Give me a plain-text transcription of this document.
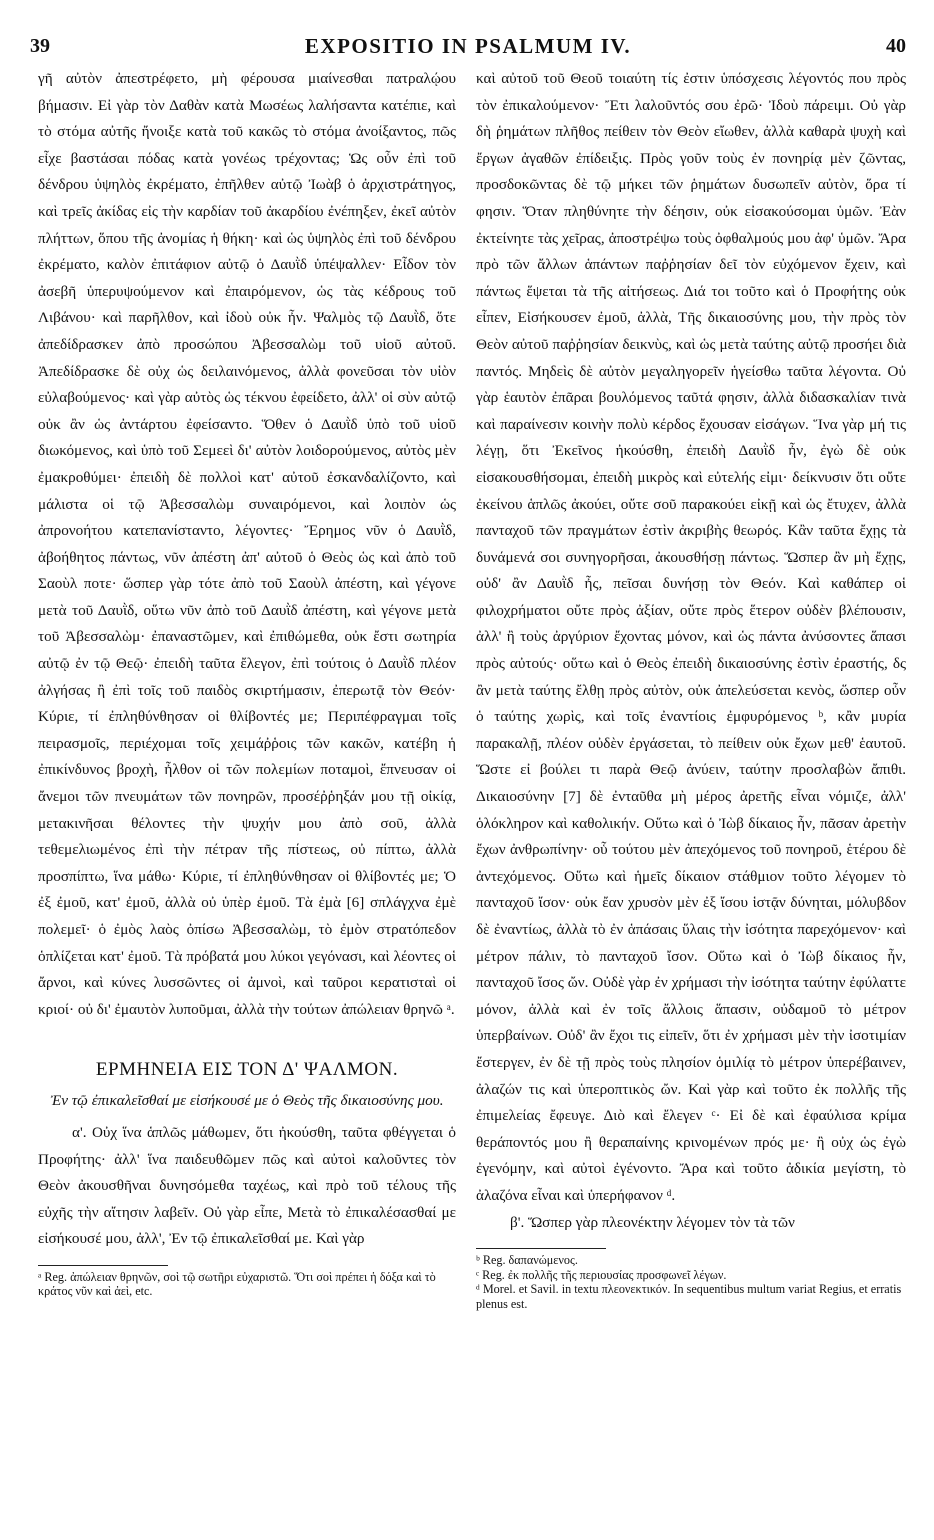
39	EXPOSITIO IN PSALMUM IV.	40

γῆ αὐτὸν ἀπεστρέφετο, μὴ φέρουσα μιαίνεσθαι πατραλῴου βήμασιν. Εἰ γὰρ τὸν Δαθὰν κατὰ Μωσέως λαλήσαντα κατέπιε, καὶ τὸ στόμα αὐτῆς ἤνοιξε κατὰ τοῦ κακῶς τὸ στόμα ἀνοίξαντος, πῶς εἶχε βαστάσαι πόδας κατὰ γονέως τρέχοντας; Ὡς οὖν ἐπὶ τοῦ δένδρου ὑψηλὸς ἐκρέματο, ἐπῆλθεν αὐτῷ Ἰωὰβ ὁ ἀρχιστράτηγος, καὶ τρεῖς ἀκίδας εἰς τὴν καρδίαν τοῦ ἀκαρδίου ἐνέπηξεν, ἐκεῖ αὐτὸν πλήττων, ὅπου τῆς ἀνομίας ἡ θήκη· καὶ ὡς ὑψηλὸς ἐπὶ τοῦ δένδρου ἐκρέματο, καλὸν ἐπιτάφιον αὐτῷ ὁ Δαυῒδ ὑπέψαλλεν· Εἶδον τὸν ἀσεβῆ ὑπερυψούμενον καὶ ἐπαιρόμενον, ὡς τὰς κέδρους τοῦ Λιβάνου· καὶ παρῆλθον, καὶ ἰδοὺ οὐκ ἦν. Ψαλμὸς τῷ Δαυῒδ, ὅτε ἀπεδίδρασκεν ἀπὸ προσώπου Ἀβεσσαλὼμ τοῦ υἱοῦ αὐτοῦ. Ἀπεδίδρασκε δὲ οὐχ ὡς δειλαινόμενος, ἀλλὰ φονεῦσαι τὸν υἱὸν εὐλαβούμενος· καὶ γὰρ αὐτὸς ὡς τέκνου ἐφείδετο, ἀλλ' οἱ σὺν αὐτῷ οὐκ ἂν ὡς ἀντάρτου ἐφείσαντο. Ὅθεν ὁ Δαυῒδ ὑπὸ τοῦ υἱοῦ διωκόμενος, καὶ ὑπὸ τοῦ Σεμεεὶ δι' αὐτὸν λοιδορούμενος, αὐτὸς μὲν ἐμακροθύμει· ἐπειδὴ δὲ πολλοὶ κατ' αὐτοῦ ἐσκανδαλίζοντο, καὶ μάλιστα οἱ τῷ Ἀβεσσαλὼμ συναιρόμενοι, καὶ λοιπὸν ὡς ἀπρονοήτου κατεπανίσταντο, λέγοντες· Ἔρημος νῦν ὁ Δαυῒδ, ἀβοήθητος πάντως, νῦν ἀπέστη ἀπ' αὐτοῦ ὁ Θεὸς ὡς καὶ ἀπὸ τοῦ Σαοὺλ ποτε· ὥσπερ γὰρ τότε ἀπὸ τοῦ Σαοὺλ ἀπέστη, καὶ γέγονε μετὰ τοῦ Δαυῒδ, οὕτω νῦν ἀπὸ τοῦ Δαυῒδ ἀπέστη, καὶ γέγονε μετὰ τοῦ Ἀβεσσαλὼμ· ἐπαναστῶμεν, καὶ ἐπιθώμεθα, οὐκ ἔστι σωτηρία αὐτῷ ἐν τῷ Θεῷ· ἐπειδὴ ταῦτα ἔλεγον, ἐπὶ τούτοις ὁ Δαυῒδ πλέον ἀλγήσας ἢ ἐπὶ τοῖς τοῦ παιδὸς σκιρτήμασιν, ἐπερωτᾷ τὸν Θεόν· Κύριε, τί ἐπληθύνθησαν οἱ θλίβοντές με; Περιπέφραγμαι τοῖς πειρασμοῖς, περιέχομαι τοῖς χειμάῤῥοις τῶν κακῶν, κατέβη ἡ ἐπικίνδυνος βροχὴ, ἦλθον οἱ τῶν πολεμίων ποταμοὶ, ἔπνευσαν οἱ ἄνεμοι τῶν πνευμάτων τῶν πονηρῶν, προσέῤῥηξάν μου τῇ οἰκίᾳ, μετακινῆσαι θέλοντες τὴν ψυχήν μου ἀπὸ σοῦ, ἀλλὰ τεθεμελιωμένος ἐπὶ τὴν πέτραν τῆς πίστεως, οὐ πίπτω, ἀλλὰ προσπίπτω, ἵνα μάθω· Κύριε, τί ἐπληθύνθησαν οἱ θλίβοντές με; Ὁ ἐξ ἐμοῦ, κατ' ἐμοῦ, ἀλλὰ οὐ ὑπὲρ ἐμοῦ. Τὰ ἐμὰ [6] σπλάγχνα ἐμὲ πολεμεῖ· ὁ ἐμὸς λαὸς ὀπίσω Ἀβεσσαλὼμ, τὸ ἐμὸν στρατόπεδον ὁπλίζεται κατ' ἐμοῦ. Τὰ πρόβατά μου λύκοι γεγόνασι, καὶ λέοντες οἱ ἄρνοι, καὶ κύνες λυσσῶντες οἱ ἀμνοὶ, καὶ ταῦροι κερατισταὶ οἱ κριοί· οὐ δι' ἐμαυτὸν λυποῦμαι, ἀλλὰ τὴν τούτων ἀπώλειαν θρηνῶ ᵃ.

ΕΡΜΗΝΕΙΑ ΕΙΣ ΤΟΝ Δ' ΨΑΛΜΟΝ.
Ἐν τῷ ἐπικαλεῖσθαί με εἰσήκουσέ με ὁ Θεὸς τῆς δικαιοσύνης μου.

α'. Οὐχ ἵνα ἁπλῶς μάθωμεν, ὅτι ἠκούσθη, ταῦτα φθέγγεται ὁ Προφήτης· ἀλλ' ἵνα παιδευθῶμεν πῶς καὶ αὐτοὶ καλοῦντες τὸν Θεὸν ἀκουσθῆναι δυνησόμεθα ταχέως, καὶ πρὸ τοῦ τέλους τῆς εὐχῆς τὴν αἴτησιν λαβεῖν. Οὐ γὰρ εἶπε, Μετὰ τὸ ἐπικαλέσασθαί με εἰσήκουσέ μου, ἀλλ', Ἐν τῷ ἐπικαλεῖσθαί με. Καὶ γὰρ

ᵃ Reg. ἀπώλειαν θρηνῶν, σοὶ τῷ σωτῆρι εὐχαριστῶ. Ὅτι σοὶ πρέπει ἡ δόξα καὶ τὸ κράτος νῦν καὶ ἀεὶ, etc.

καὶ αὐτοῦ τοῦ Θεοῦ τοιαύτη τίς ἐστιν ὑπόσχεσις λέγοντός που πρὸς τὸν ἐπικαλούμενον· Ἔτι λαλοῦντός σου ἐρῶ· Ἰδοὺ πάρειμι. Οὐ γὰρ δὴ ῥημάτων πλῆθος πείθειν τὸν Θεὸν εἴωθεν, ἀλλὰ καθαρὰ ψυχὴ καὶ ἔργων ἀγαθῶν ἐπίδειξις. Πρὸς γοῦν τοὺς ἐν πονηρίᾳ μὲν ζῶντας, προσδοκῶντας δὲ τῷ μήκει τῶν ῥημάτων δυσωπεῖν αὐτὸν, ὅρα τί φησιν. Ὅταν πληθύνητε τὴν δέησιν, οὐκ εἰσακούσομαι ὑμῶν. Ἐὰν ἐκτείνητε τὰς χεῖρας, ἀποστρέψω τοὺς ὀφθαλμούς μου ἀφ' ὑμῶν. Ἄρα πρὸ τῶν ἄλλων ἁπάντων παῤῥησίαν δεῖ τὸν εὐχόμενον ἔχειν, καὶ πάντως ἕψεται τὰ τῆς αἰτήσεως. Διά τοι τοῦτο καὶ ὁ Προφήτης οὐκ εἶπεν, Εἰσήκουσεν ἐμοῦ, ἀλλὰ, Τῆς δικαιοσύνης μου, τὴν πρὸς τὸν Θεὸν αὐτοῦ παῤῥησίαν δεικνὺς, καὶ ὡς μετὰ ταύτης αὐτῷ προσήει διὰ παντός. Μηδεὶς δὲ αὐτὸν μεγαληγορεῖν ἡγείσθω ταῦτα λέγοντα. Οὐ γὰρ ἑαυτὸν ἐπᾶραι βουλόμενος ταῦτά φησιν, ἀλλὰ διδασκαλίαν τινὰ καὶ παραίνεσιν κοινὴν πολὺ κέρδος ἔχουσαν εἰσάγων. Ἵνα γὰρ μή τις λέγῃ, ὅτι Ἐκεῖνος ἠκούσθη, ἐπειδὴ Δαυῒδ ἦν, ἐγὼ δὲ οὐκ εἰσακουσθήσομαι, ἐπειδὴ μικρὸς καὶ εὐτελής εἰμι· δείκνυσιν ὅτι οὔτε ἐκείνου ἁπλῶς ἀκούει, οὔτε σοῦ παρακούει εἰκῇ καὶ ὡς ἔτυχεν, ἀλλὰ πανταχοῦ τῶν πραγμάτων ἐστὶν ἀκριβὴς θεωρός. Κἂν ταῦτα ἔχῃς τὰ δυνάμενά σοι συνηγορῆσαι, ἀκουσθήσῃ πάντως. Ὥσπερ ἂν μὴ ἔχῃς, οὐδ' ἂν Δαυῒδ ἦς, πεῖσαι δυνήσῃ τὸν Θεόν. Καὶ καθάπερ οἱ φιλοχρήματοι οὔτε πρὸς ἀξίαν, οὔτε πρὸς ἕτερον οὐδὲν βλέπουσιν, ἀλλ' ἢ τοὺς ἀργύριον ἔχοντας μόνον, καὶ ὡς πάντα ἀνύσοντες ἅπασι πρὸς αὐτούς· οὕτω καὶ ὁ Θεὸς ἐπειδὴ δικαιοσύνης ἐστὶν ἐραστής, δς ἂν μετὰ ταύτης ἔλθῃ πρὸς αὐτὸν, οὐκ ἀπελεύσεται κενὸς, ὥσπερ οὖν ὁ ταύτης χωρὶς, καὶ τοῖς ἐναντίοις ἐμφυρόμενος ᵇ, κἂν μυρία παρακαλῇ, πλέον οὐδὲν ἐργάσεται, τὸ πείθειν οὐκ ἔχων μεθ' ἑαυτοῦ. Ὥστε εἰ βούλει τι παρὰ Θεῷ ἀνύειν, ταύτην προσλαβὼν ἄπιθι. Δικαιοσύνην [7] δὲ ἐνταῦθα μὴ μέρος ἀρετῆς εἶναι νόμιζε, ἀλλ' ὁλόκληρον καὶ καθολικήν. Οὕτω καὶ ὁ Ἰὼβ δίκαιος ἦν, πᾶσαν ἀρετὴν ἔχων ἀνθρωπίνην· οὗ τούτου μὲν ἀπεχόμενος τοῦ πονηροῦ, ἑτέρου δὲ ἀντεχόμενος. Οὕτω καὶ ἡμεῖς δίκαιον στάθμιον τοῦτο λέγομεν τὸ πανταχοῦ ἴσον· οὐκ ἔαν χρυσὸν μὲν ἐξ ἴσου ἱστᾷν δύνηται, μόλυβδον δὲ ἐναντίως, ἀλλὰ τὸ ἐν ἁπάσαις ὕλαις τὴν ἰσότητα παρεχόμενον· καὶ μέτρον πάλιν, τὸ πανταχοῦ ἴσον. Οὕτω καὶ ὁ Ἰὼβ δίκαιος ἦν, πανταχοῦ ἴσος ὤν. Οὐδὲ γὰρ ἐν χρήμασι τὴν ἰσότητα ταύτην ἐφύλαττε μόνον, ἀλλὰ καὶ ἐν τοῖς ἄλλοις ἅπασιν, οὐδαμοῦ τὸ μέτρον ὑπερβαίνων. Οὐδ' ἂν ἔχοι τις εἰπεῖν, ὅτι ἐν χρήμασι μὲν τὴν ἰσοτιμίαν ἔστεργεν, ἐν δὲ τῇ πρὸς τοὺς πλησίον ὁμιλίᾳ τὸ μέτρον ὑπερέβαινεν, ἀλαζών τις καὶ ὑπεροπτικὸς ὤν. Καὶ γὰρ καὶ τοῦτο ἐκ πολλῆς τῆς ἐπιμελείας ἔφευγε. Διὸ καὶ ἔλεγεν ᶜ· Εἰ δὲ καὶ ἐφαύλισα κρίμα θεράποντός μου ἢ θεραπαίνης κρινομένων πρός με· ἢ οὐχ ὡς ἐγὼ ἐγενόμην, καὶ αὐτοὶ ἐγένοντο. Ἄρα καὶ τοῦτο ἀδικία μεγίστη, τὸ ἀλαζόνα εἶναι καὶ ὑπερήφανον ᵈ.

β'. Ὥσπερ γὰρ πλεονέκτην λέγομεν τὸν τὰ τῶν

ᵇ Reg. δαπανώμενος.

ᶜ Reg. ἐκ πολλῆς τῆς περιουσίας προσφωνεῖ λέγων.

ᵈ Morel. et Savil. in textu πλεονεκτικόν. In sequentibus multum variat Regius, et erratis plenus est.
